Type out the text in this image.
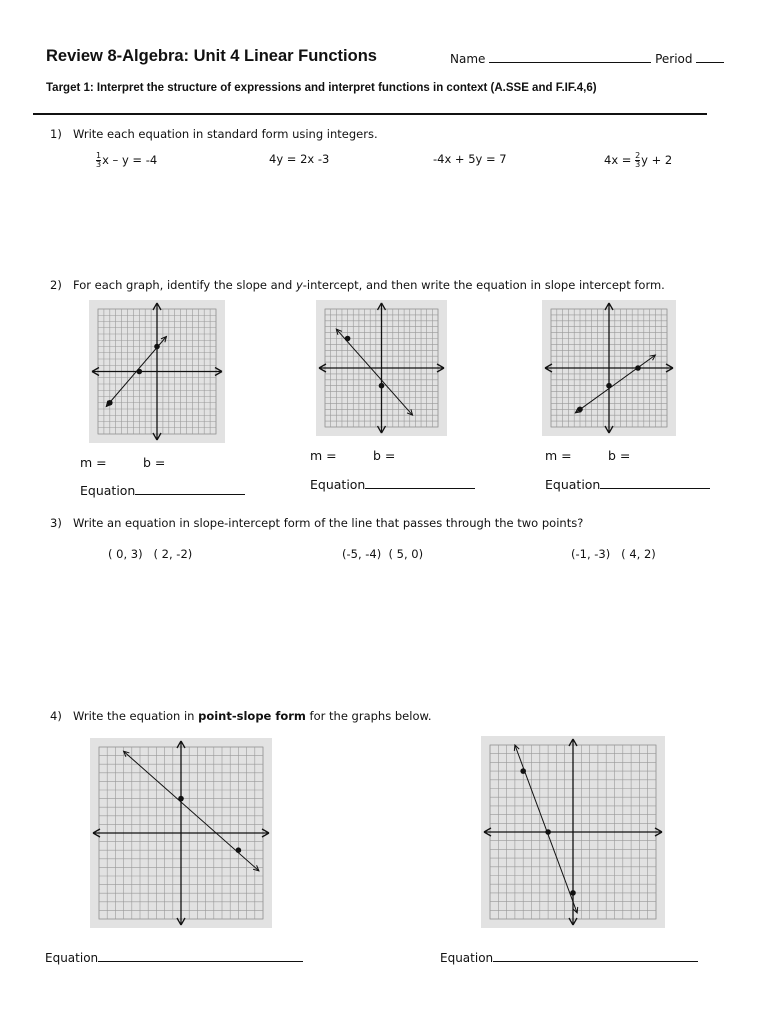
Review 8-Algebra: Unit 4 Linear Functions	Name	Period
Target 1: Interpret the structure of expressions and interpret functions in context (A.SSE and F.IF.4,6)
1) Write each equation in standard form using integers.
$\frac{1}{3}$ x – y = -4	4y = 2x -3	-4x + 5y = 7	$4x = \frac{2}{3}$ y + 2
2) For each graph, identify the slope and y-intercept, and then write the equation in slope intercept form.
m =	b =
Equation
m =	b =
Equation
m =	b =
Equation
3) Write an equation in slope-intercept form of the line that passes through the two points?
( 0, 3)   ( 2, -2)	(-5, -4)  ( 5, 0)	(-1, -3)   ( 4, 2)
4) Write the equation in point-slope form for the graphs below.
Equation	Equation
